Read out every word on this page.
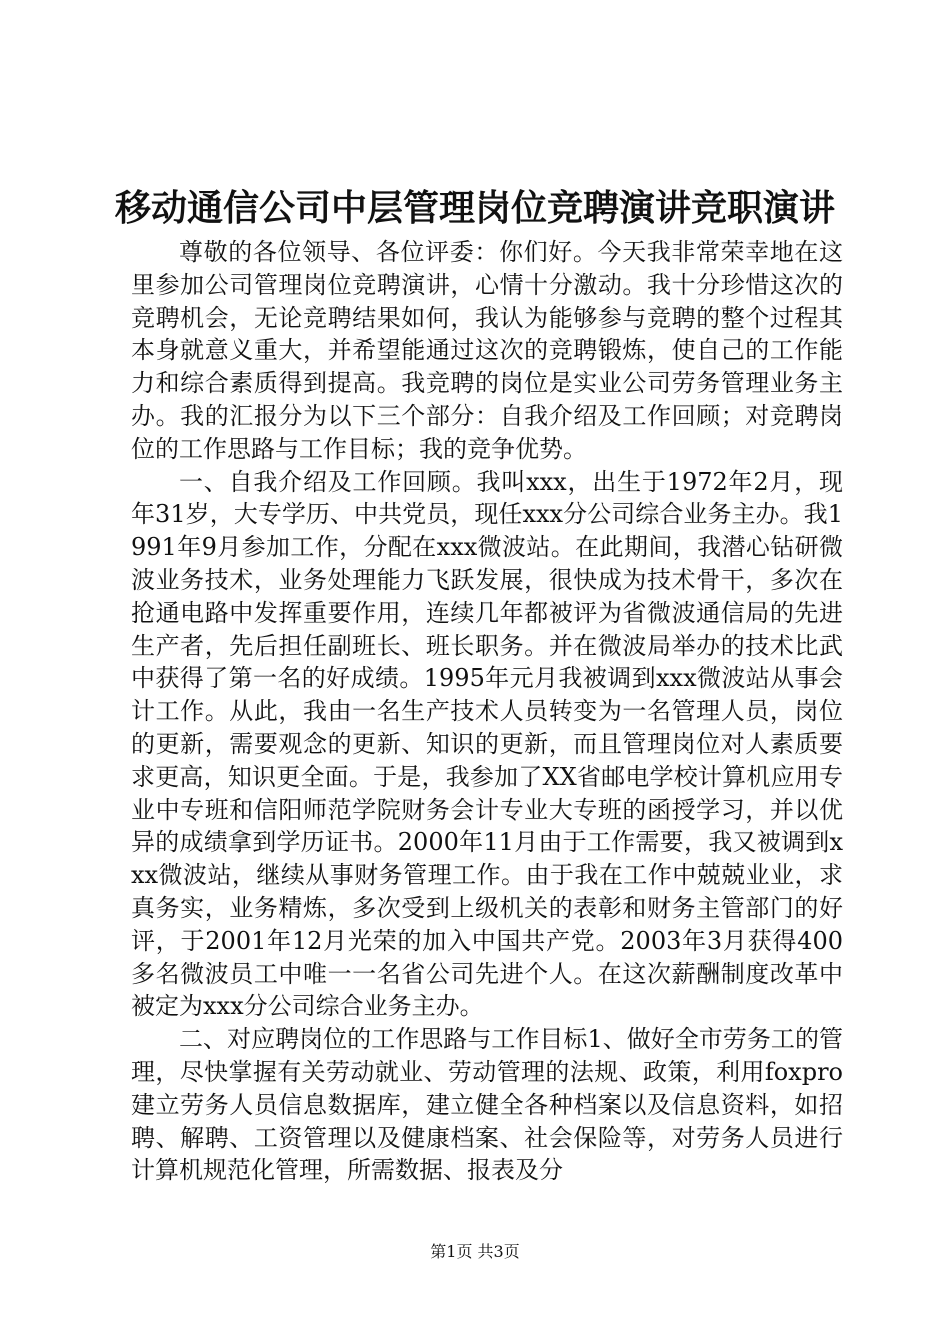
移动通信公司中层管理岗位竞聘演讲竞职演讲

尊敬的各位领导、各位评委：你们好。今天我非常荣幸地在这里参加公司管理岗位竞聘演讲，心情十分激动。我十分珍惜这次的竞聘机会，无论竞聘结果如何，我认为能够参与竞聘的整个过程其本身就意义重大，并希望能通过这次的竞聘锻炼，使自己的工作能力和综合素质得到提高。我竞聘的岗位是实业公司劳务管理业务主办。我的汇报分为以下三个部分：自我介绍及工作回顾；对竞聘岗位的工作思路与工作目标；我的竞争优势。

一、自我介绍及工作回顾。我叫xxx，出生于1972年2月，现年31岁，大专学历、中共党员，现任xxx分公司综合业务主办。我1991年9月参加工作，分配在xxx微波站。在此期间，我潜心钻研微波业务技术，业务处理能力飞跃发展，很快成为技术骨干，多次在抢通电路中发挥重要作用，连续几年都被评为省微波通信局的先进生产者，先后担任副班长、班长职务。并在微波局举办的技术比武中获得了第一名的好成绩。1995年元月我被调到xxx微波站从事会计工作。从此，我由一名生产技术人员转变为一名管理人员，岗位的更新，需要观念的更新、知识的更新，而且管理岗位对人素质要求更高，知识更全面。于是，我参加了XX省邮电学校计算机应用专业中专班和信阳师范学院财务会计专业大专班的函授学习，并以优异的成绩拿到学历证书。2000年11月由于工作需要，我又被调到xxx微波站，继续从事财务管理工作。由于我在工作中兢兢业业，求真务实，业务精炼，多次受到上级机关的表彰和财务主管部门的好评，于2001年12月光荣的加入中国共产党。2003年3月获得400多名微波员工中唯一一名省公司先进个人。在这次薪酬制度改革中被定为xxx分公司综合业务主办。

二、对应聘岗位的工作思路与工作目标1、做好全市劳务工的管理，尽快掌握有关劳动就业、劳动管理的法规、政策，利用foxpro建立劳务人员信息数据库，建立健全各种档案以及信息资料，如招聘、解聘、工资管理以及健康档案、社会保险等，对劳务人员进行计算机规范化管理，所需数据、报表及分

第1页 共3页
